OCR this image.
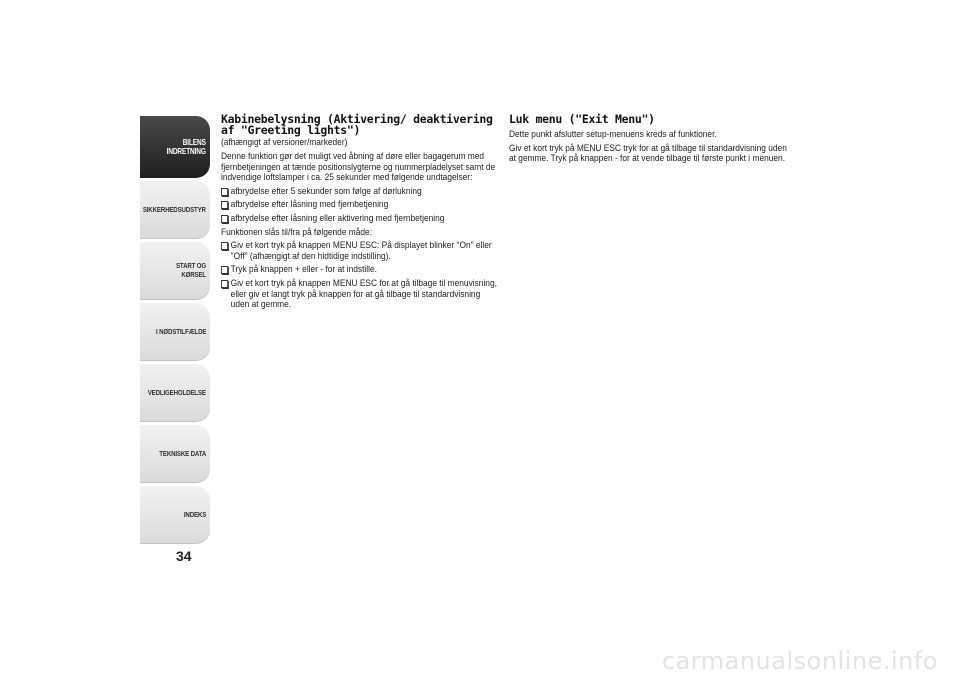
BILENS
INDRETNING
SIKKERHEDSUDSTYR
START OG KØRSEL
I NØDSTILFÆLDE
VEDLIGEHOLDELSE
TEKNISKE DATA
INDEKS
34
Kabinebelysning (Aktivering/ deaktivering af "Greeting lights")
(afhængigt af versioner/markeder)

Denne funktion gør det muligt ved åbning af døre eller bagagerum med fjernbetjeningen at tænde positionslygterne og nummerpladelyset samt de indvendige loftslamper i ca. 25 sekunder med følgende undtagelser:

afbrydelse efter 5 sekunder som følge af dørlukning
afbrydelse efter låsning med fjernbetjening
afbrydelse efter låsning eller aktivering med fjernbetjening

Funktionen slås til/fra på følgende måde:

Giv et kort tryk på knappen MENU ESC: På displayet blinker "On" eller "Off" (afhængigt af den hidtidige indstilling).
Tryk på knappen + eller - for at indstille.
Giv et kort tryk på knappen MENU ESC for at gå tilbage til menuvisning, eller giv et langt tryk på knappen for at gå tilbage til standardvisning uden at gemme.
Luk menu ("Exit Menu")

Dette punkt afslutter setup-menuens kreds af funktioner.

Giv et kort tryk på MENU ESC tryk for at gå tilbage til standardvisning uden at gemme. Tryk på knappen - for at vende tilbage til første punkt i menuen.

carmanualsonline.info
